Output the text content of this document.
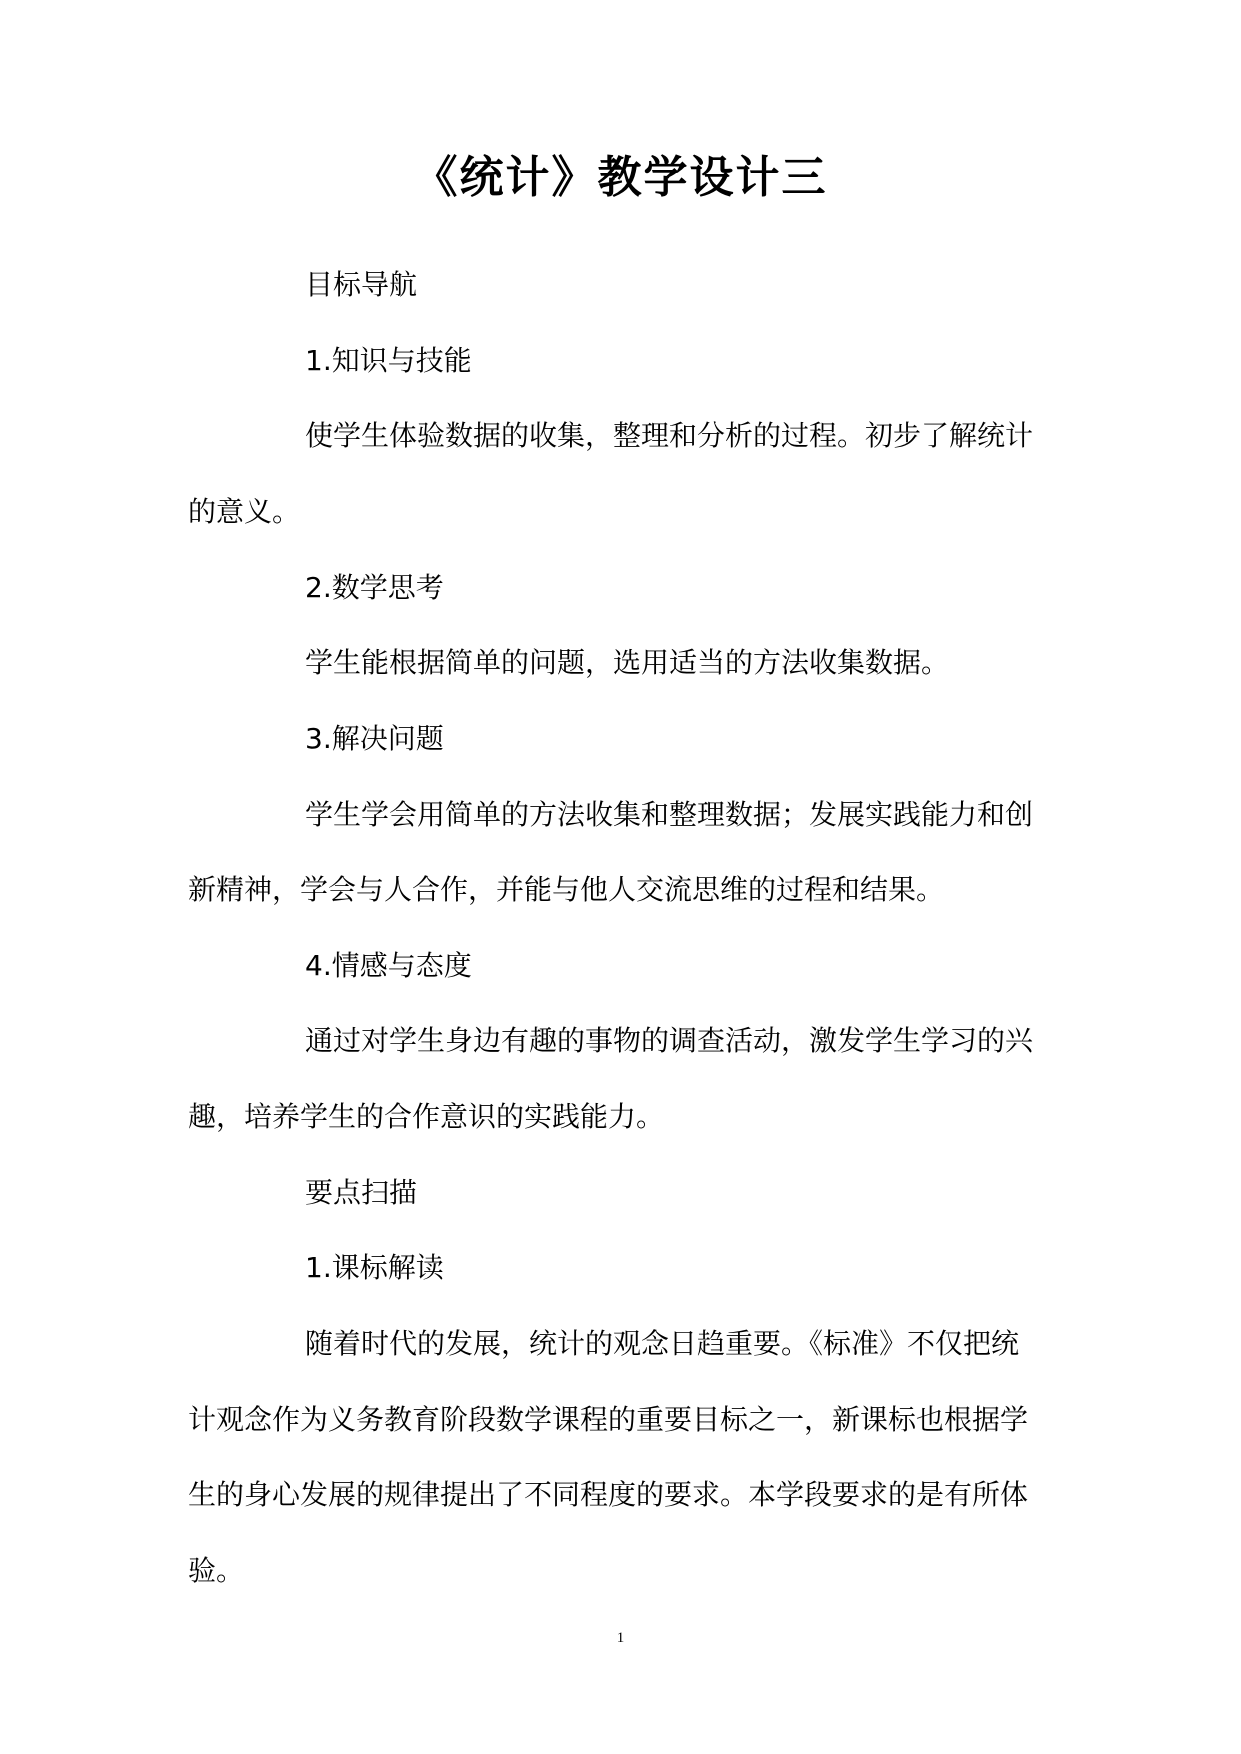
《统计》教学设计三

目标导航

1.知识与技能

使学生体验数据的收集，整理和分析的过程。初步了解统计

的意义。

2.数学思考

学生能根据简单的问题，选用适当的方法收集数据。

3.解决问题

学生学会用简单的方法收集和整理数据；发展实践能力和创

新精神，学会与人合作，并能与他人交流思维的过程和结果。

4.情感与态度

通过对学生身边有趣的事物的调查活动，激发学生学习的兴

趣，培养学生的合作意识的实践能力。

要点扫描

1.课标解读

随着时代的发展，统计的观念日趋重要。《标准》不仅把统

计观念作为义务教育阶段数学课程的重要目标之一，新课标也根据学

生的身心发展的规律提出了不同程度的要求。本学段要求的是有所体

验。

1
